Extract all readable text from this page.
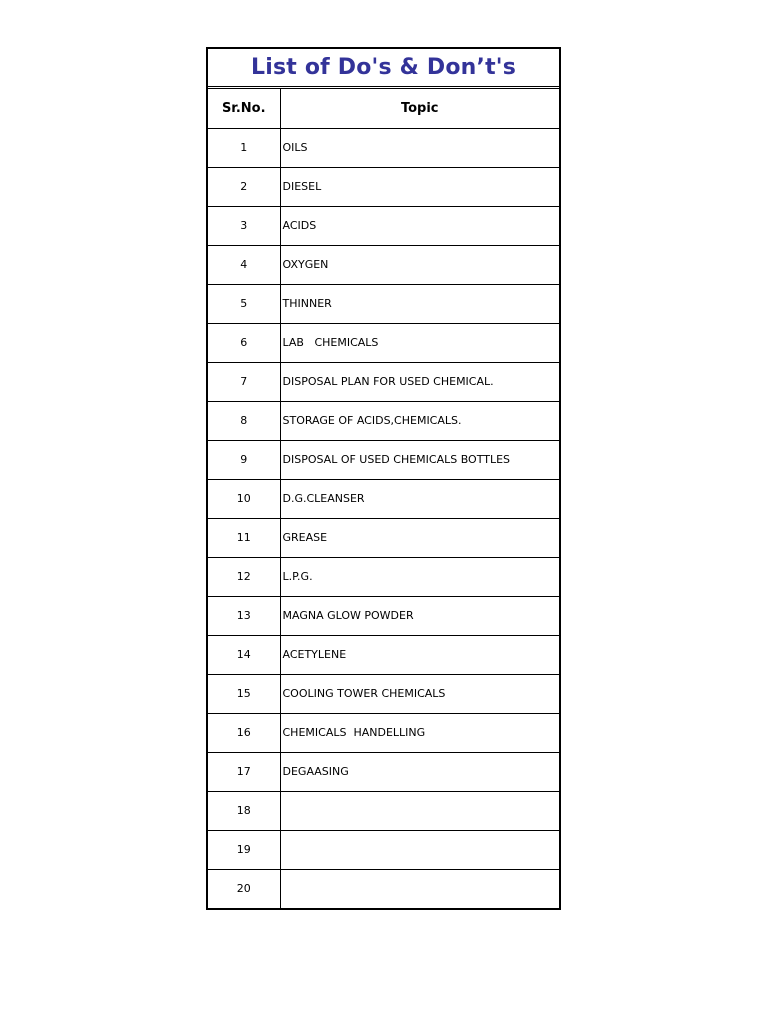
List of Do's & Don’t's
Sr.No.	Topic
1	OILS
2	DIESEL
3	ACIDS
4	OXYGEN
5	THINNER
6	LAB   CHEMICALS
7	DISPOSAL PLAN FOR USED CHEMICAL.
8	STORAGE OF ACIDS,CHEMICALS.
9	DISPOSAL OF USED CHEMICALS BOTTLES
10	D.G.CLEANSER
11	GREASE
12	L.P.G.
13	MAGNA GLOW POWDER
14	ACETYLENE
15	COOLING TOWER CHEMICALS
16	CHEMICALS  HANDELLING
17	DEGAASING
18	
19	
20	
